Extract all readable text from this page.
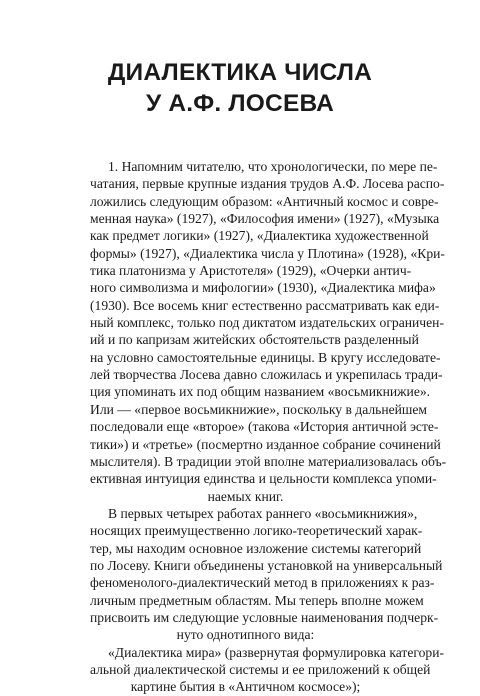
ДИАЛЕКТИКА ЧИСЛА
У А.Ф. ЛОСЕВА
1. Напомним читателю, что хронологически, по мере пе-
чатания, первые крупные издания трудов А.Ф. Лосева распо-
ложились следующим образом: «Античный космос и совре-
менная наука» (1927), «Философия имени» (1927), «Музыка
как предмет логики» (1927), «Диалектика художественной
формы» (1927), «Диалектика числа у Плотина» (1928), «Кри-
тика платонизма у Аристотеля» (1929), «Очерки антич-
ного символизма и мифологии» (1930), «Диалектика мифа»
(1930). Все восемь книг естественно рассматривать как еди-
ный комплекс, только под диктатом издательских ограничен-
ий и по капризам житейских обстоятельств разделенный
на условно самостоятельные единицы. В кругу исследовате-
лей творчества Лосева давно сложилась и укрепилась тради-
ция упоминать их под общим названием «восьмикнижие».
Или — «первое восьмикнижие», поскольку в дальнейшем
последовали еще «второе» (такова «История античной эсте-
тики») и «третье» (посмертно изданное собрание сочинений
мыслителя). В традиции этой вполне материализовалась объ-
ективная интуиция единства и цельности комплекса упоми-
наемых книг.
В первых четырех работах раннего «восьмикнижия»,
носящих преимущественно логико-теоретический харак-
тер, мы находим основное изложение системы категорий
по Лосеву. Книги объединены установкой на универсальный
феноменолого-диалектический метод в приложениях к раз-
личным предметным областям. Мы теперь вполне можем
присвоить им следующие условные наименования подчерк-
нуто однотипного вида:
«Диалектика мира» (развернутая формулировка категори-
альной диалектической системы и ее приложений к общей
картине бытия в «Античном космосе»);
